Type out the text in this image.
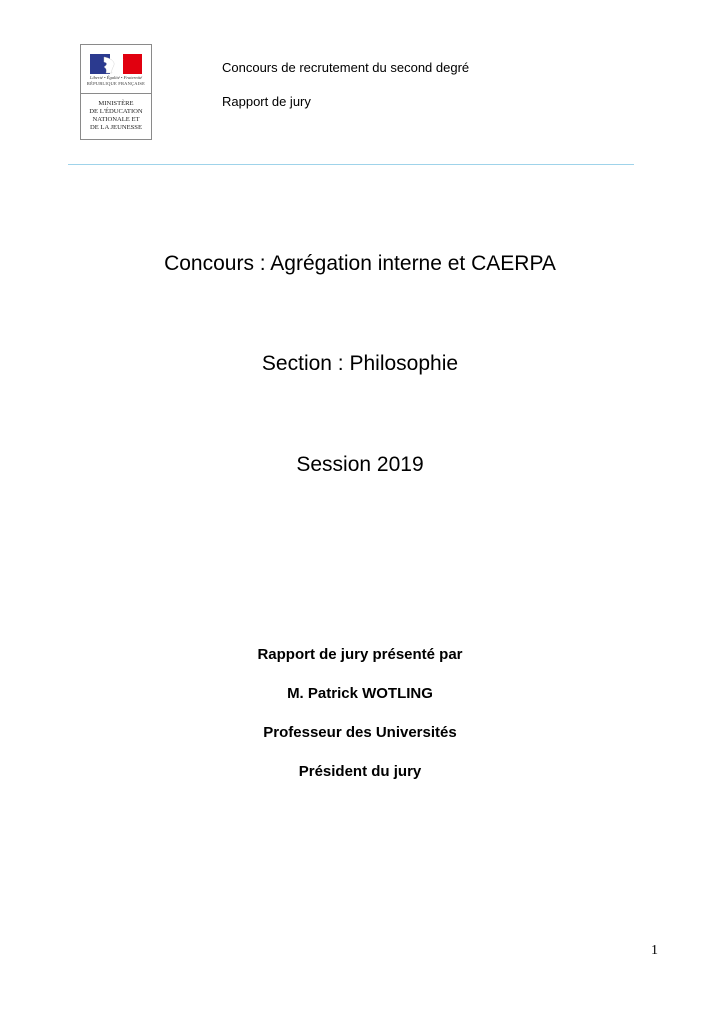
Liberté • Égalité • Fraternité
RÉPUBLIQUE FRANÇAISE
MINISTÈRE
DE L'ÉDUCATION
NATIONALE ET
DE LA JEUNESSE
Concours de recrutement du second degré
Rapport de jury
Concours : Agrégation interne et CAERPA
Section : Philosophie
Session 2019
Rapport de jury présenté par
M. Patrick WOTLING
Professeur des Universités
Président du jury
1
